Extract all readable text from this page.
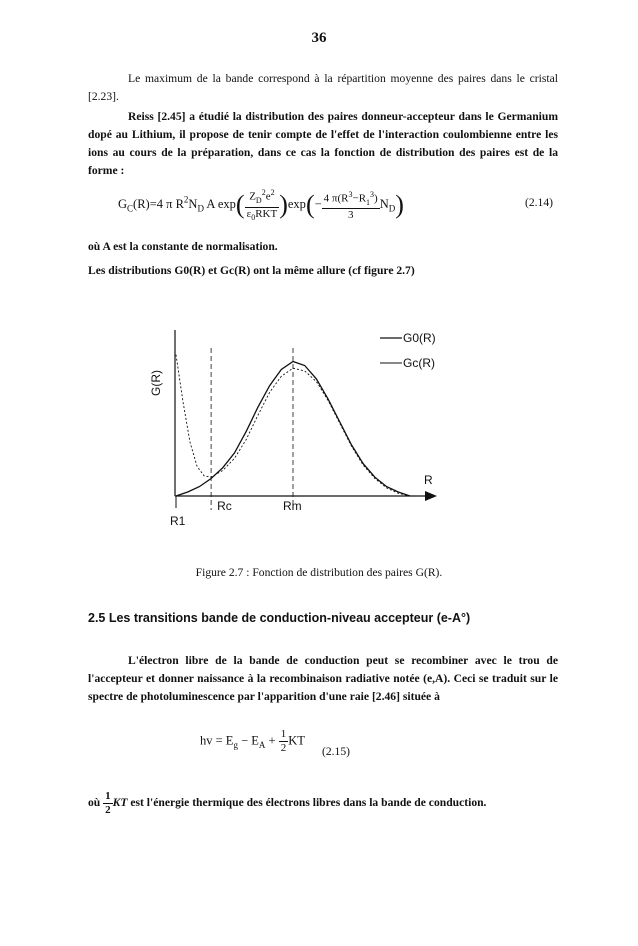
36
Le maximum de la bande correspond à la répartition moyenne des paires dans le cristal [2.23].
Reiss [2.45] a étudié la distribution des paires donneur-accepteur dans le Germanium dopé au Lithium, il propose de tenir compte de l'effet de l'interaction coulombienne entre les ions au cours de la préparation, dans ce cas la fonction de distribution des paires est de la forme :
$G_C(R)=4$ π $R^2N_D$ A $\exp( \frac{Z_D^2e^2}{\varepsilon_0RKT} )\exp(- \frac{4 \pi(R^3-R_1^3)}{3} N_D)$	(2.14)
où A est la constante de normalisation.
Les distributions G0(R) et Gc(R) ont la même allure (cf figure 2.7)
G(R)
R
R1
Rc	Rm
G0(R)
Gc(R)
Figure 2.7 : Fonction de distribution des paires G(R).
2.5 Les transitions bande de conduction-niveau accepteur (e-A°)
L'électron libre de la bande de conduction peut se recombiner avec le trou de l'accepteur et donner naissance à la recombinaison radiative notée (e,A). Ceci se traduit sur le spectre de photoluminescence par l'apparition d'une raie [2.46] située à
hv = $E_g - E_A + \frac{1}{2}$ KT
(2.15)
où $\frac{1}{2}$ KT est l'énergie thermique des électrons libres dans la bande de conduction.
